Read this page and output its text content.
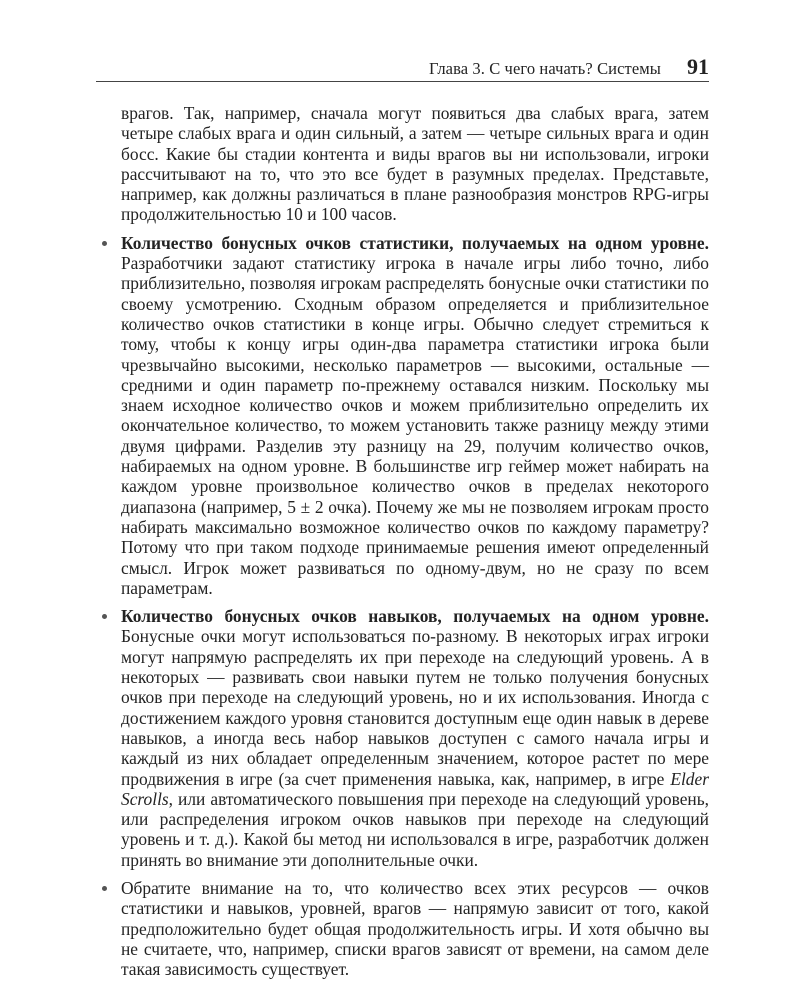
Глава 3. С чего начать? Системы 91

врагов. Так, например, сначала могут появиться два слабых врага, затем четыре слабых врага и один сильный, а затем — четыре сильных врага и один босс. Какие бы стадии контента и виды врагов вы ни использовали, игроки рассчитывают на то, что это все будет в разумных пределах. Представьте, например, как должны различаться в плане разнообразия монстров RPG-игры продолжительностью 10 и 100 часов.

Количество бонусных очков статистики, получаемых на одном уровне. Разработчики задают статистику игрока в начале игры либо точно, либо приблизительно, позволяя игрокам распределять бонусные очки статистики по своему усмотрению. Сходным образом определяется и приблизительное количество очков статистики в конце игры. Обычно следует стремиться к тому, чтобы к концу игры один-два параметра статистики игрока были чрезвычайно высокими, несколько параметров — высокими, остальные — средними и один параметр по-прежнему оставался низким. Поскольку мы знаем исходное количество очков и можем приблизительно определить их окончательное количество, то можем установить также разницу между этими двумя цифрами. Разделив эту разницу на 29, получим количество очков, набираемых на одном уровне. В большинстве игр геймер может набирать на каждом уровне произвольное количество очков в пределах некоторого диапазона (например, 5 ± 2 очка). Почему же мы не позволяем игрокам просто набирать максимально возможное количество очков по каждому параметру? Потому что при таком подходе принимаемые решения имеют определенный смысл. Игрок может развиваться по одному-двум, но не сразу по всем параметрам.

Количество бонусных очков навыков, получаемых на одном уровне. Бонусные очки могут использоваться по-разному. В некоторых играх игроки могут напрямую распределять их при переходе на следующий уровень. А в некоторых — развивать свои навыки путем не только получения бонусных очков при переходе на следующий уровень, но и их использования. Иногда с достижением каждого уровня становится доступным еще один навык в дереве навыков, а иногда весь набор навыков доступен с самого начала игры и каждый из них обладает определенным значением, которое растет по мере продвижения в игре (за счет применения навыка, как, например, в игре Elder Scrolls, или автоматического повышения при переходе на следующий уровень, или распределения игроком очков навыков при переходе на следующий уровень и т. д.). Какой бы метод ни использовался в игре, разработчик должен принять во внимание эти дополнительные очки.

Обратите внимание на то, что количество всех этих ресурсов — очков статистики и навыков, уровней, врагов — напрямую зависит от того, какой предположительно будет общая продолжительность игры. И хотя обычно вы не считаете, что, например, списки врагов зависят от времени, на самом деле такая зависимость существует.
